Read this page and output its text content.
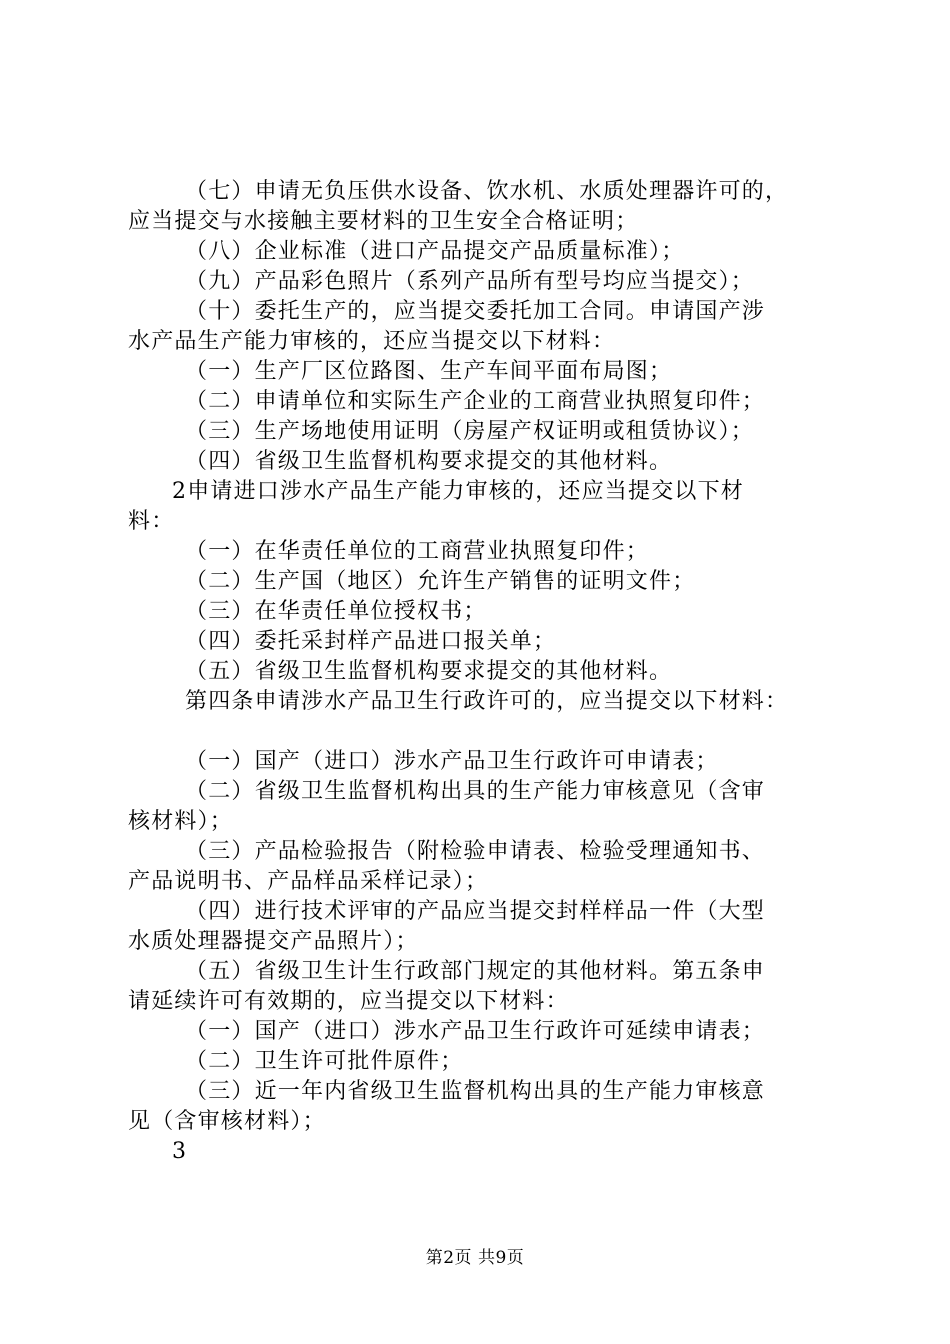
（七）申请无负压供水设备、饮水机、水质处理器许可的，
应当提交与水接触主要材料的卫生安全合格证明；
（八）企业标准（进口产品提交产品质量标准）；
（九）产品彩色照片（系列产品所有型号均应当提交）；
（十）委托生产的，应当提交委托加工合同。申请国产涉
水产品生产能力审核的，还应当提交以下材料：
（一）生产厂区位路图、生产车间平面布局图；
（二）申请单位和实际生产企业的工商营业执照复印件；
（三）生产场地使用证明（房屋产权证明或租赁协议）；
（四）省级卫生监督机构要求提交的其他材料。
2申请进口涉水产品生产能力审核的，还应当提交以下材
料：
（一）在华责任单位的工商营业执照复印件；
（二）生产国（地区）允许生产销售的证明文件；
（三）在华责任单位授权书；
（四）委托采封样产品进口报关单；
（五）省级卫生监督机构要求提交的其他材料。
第四条申请涉水产品卫生行政许可的，应当提交以下材料：
（一）国产（进口）涉水产品卫生行政许可申请表；
（二）省级卫生监督机构出具的生产能力审核意见（含审
核材料）；
（三）产品检验报告（附检验申请表、检验受理通知书、
产品说明书、产品样品采样记录）；
（四）进行技术评审的产品应当提交封样样品一件（大型
水质处理器提交产品照片）；
（五）省级卫生计生行政部门规定的其他材料。第五条申
请延续许可有效期的，应当提交以下材料：
（一）国产（进口）涉水产品卫生行政许可延续申请表；
（二）卫生许可批件原件；
（三）近一年内省级卫生监督机构出具的生产能力审核意
见（含审核材料）；
3
第2页 共9页
